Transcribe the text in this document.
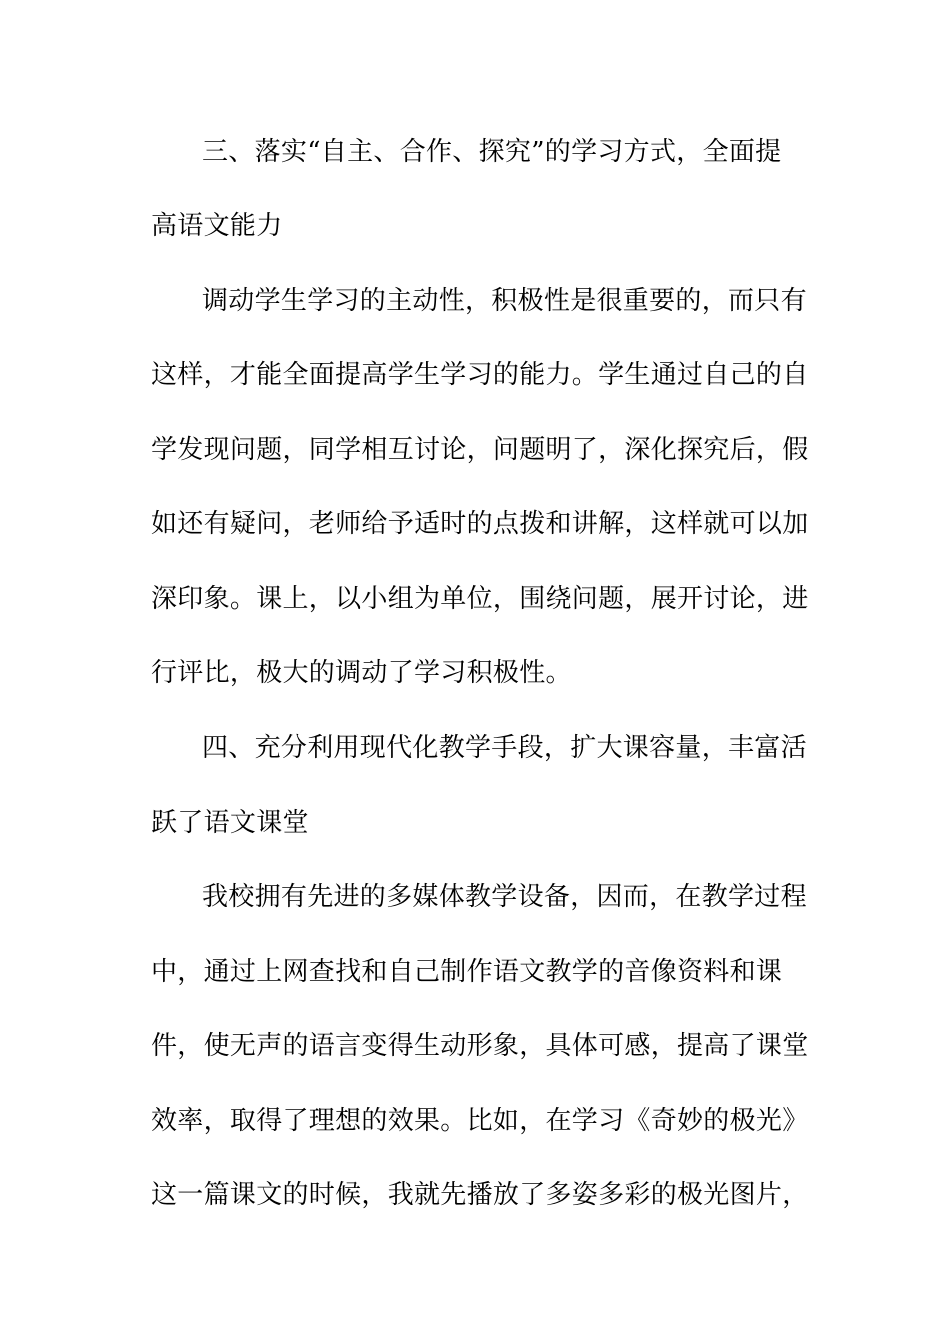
三、落实“自主、合作、探究”的学习方式，全面提
高语文能力
调动学生学习的主动性，积极性是很重要的，而只有
这样，才能全面提高学生学习的能力。学生通过自己的自
学发现问题，同学相互讨论，问题明了，深化探究后，假
如还有疑问，老师给予适时的点拨和讲解，这样就可以加
深印象。课上，以小组为单位，围绕问题，展开讨论，进
行评比，极大的调动了学习积极性。
四、充分利用现代化教学手段，扩大课容量，丰富活
跃了语文课堂
我校拥有先进的多媒体教学设备，因而，在教学过程
中，通过上网查找和自己制作语文教学的音像资料和课
件，使无声的语言变得生动形象，具体可感，提高了课堂
效率，取得了理想的效果。比如，在学习《奇妙的极光》
这一篇课文的时候，我就先播放了多姿多彩的极光图片，
